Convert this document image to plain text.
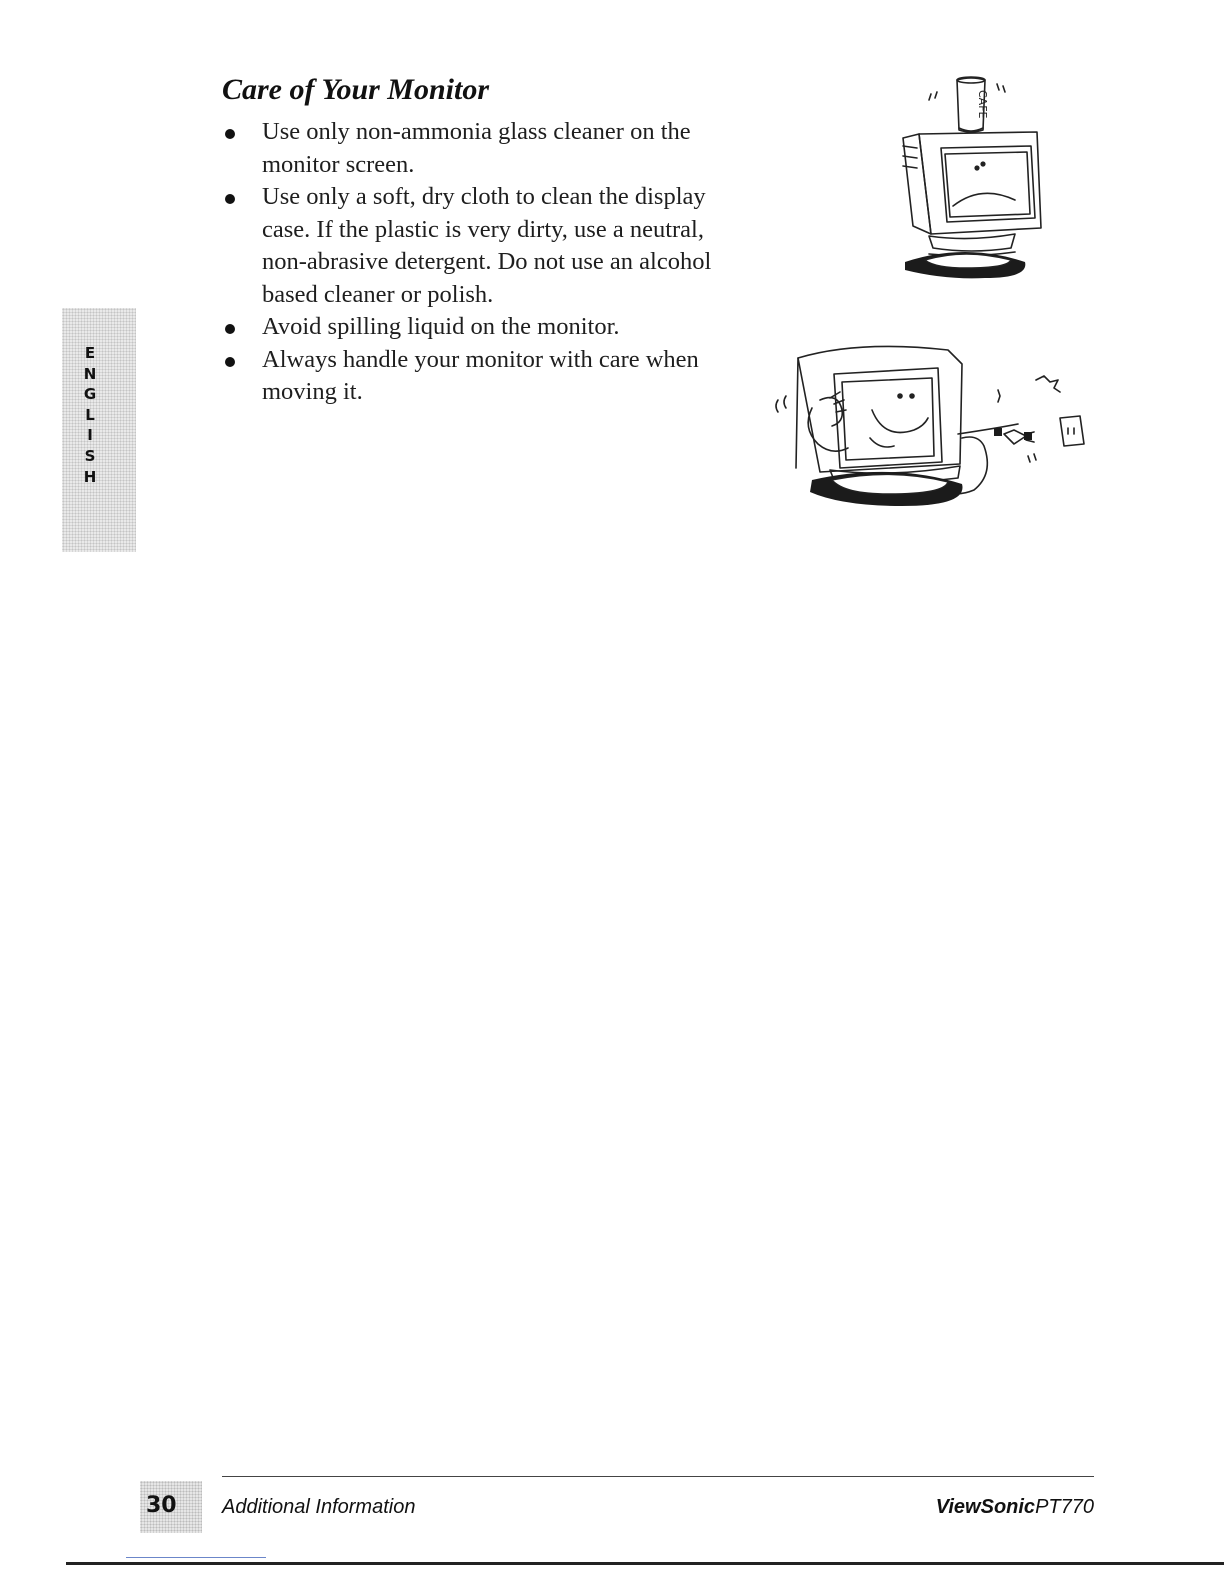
E
N
G
L
I
S
H
Care of Your Monitor
Use only non-ammonia glass cleaner on the monitor screen.
Use only a soft, dry cloth to clean the display case. If the plastic is very dirty, use a neutral, non-abrasive detergent. Do not use an alcohol based cleaner or polish.
Avoid spilling liquid on the monitor.
Always handle your monitor with care when moving it.
CAFE
30 Additional Information	ViewSonicPT770
